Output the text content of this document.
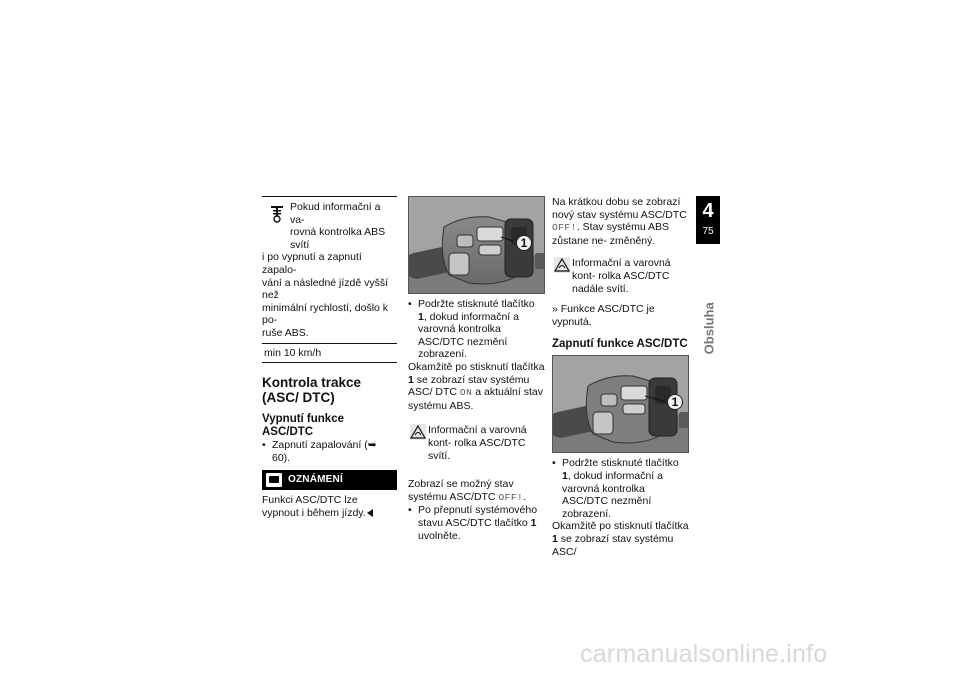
Pokud informační a va-
rovná kontrolka ABS svítí
i po vypnutí a zapnutí zapalo-
vání a následné jízdě vyšší než
minimální rychlostí, došlo k po-
ruše ABS.
min 10 km/h
Kontrola trakce (ASC/ DTC)
Vypnutí funkce ASC/DTC
• Zapnutí zapalování (➥ 60).
OZNÁMENÍ
Funkci ASC/DTC lze vypnout i během jízdy.
1
• Podržte stisknuté tlačítko 1, dokud informační a varovná kontrolka ASC/DTC nezmění zobrazení.
Okamžitě po stisknutí tlačítka 1 se zobrazí stav systému ASC/ DTC ON a aktuální stav systému ABS.
Informační a varovná kont- rolka ASC/DTC svítí.
Zobrazí se možný stav systému ASC/DTC OFF!.
• Po přepnutí systémového stavu ASC/DTC tlačítko 1 uvolněte.
Na krátkou dobu se zobrazí nový stav systému ASC/DTC OFF!. Stav systému ABS zůstane ne- změněný.
Informační a varovná kont- rolka ASC/DTC nadále svítí.
» Funkce ASC/DTC je vypnutá.
Zapnutí funkce ASC/DTC
1
• Podržte stisknuté tlačítko 1, dokud informační a varovná kontrolka ASC/DTC nezmění zobrazení.
Okamžitě po stisknutí tlačítka 1 se zobrazí stav systému ASC/
4
75
Obsluha
carmanualsonline.info
